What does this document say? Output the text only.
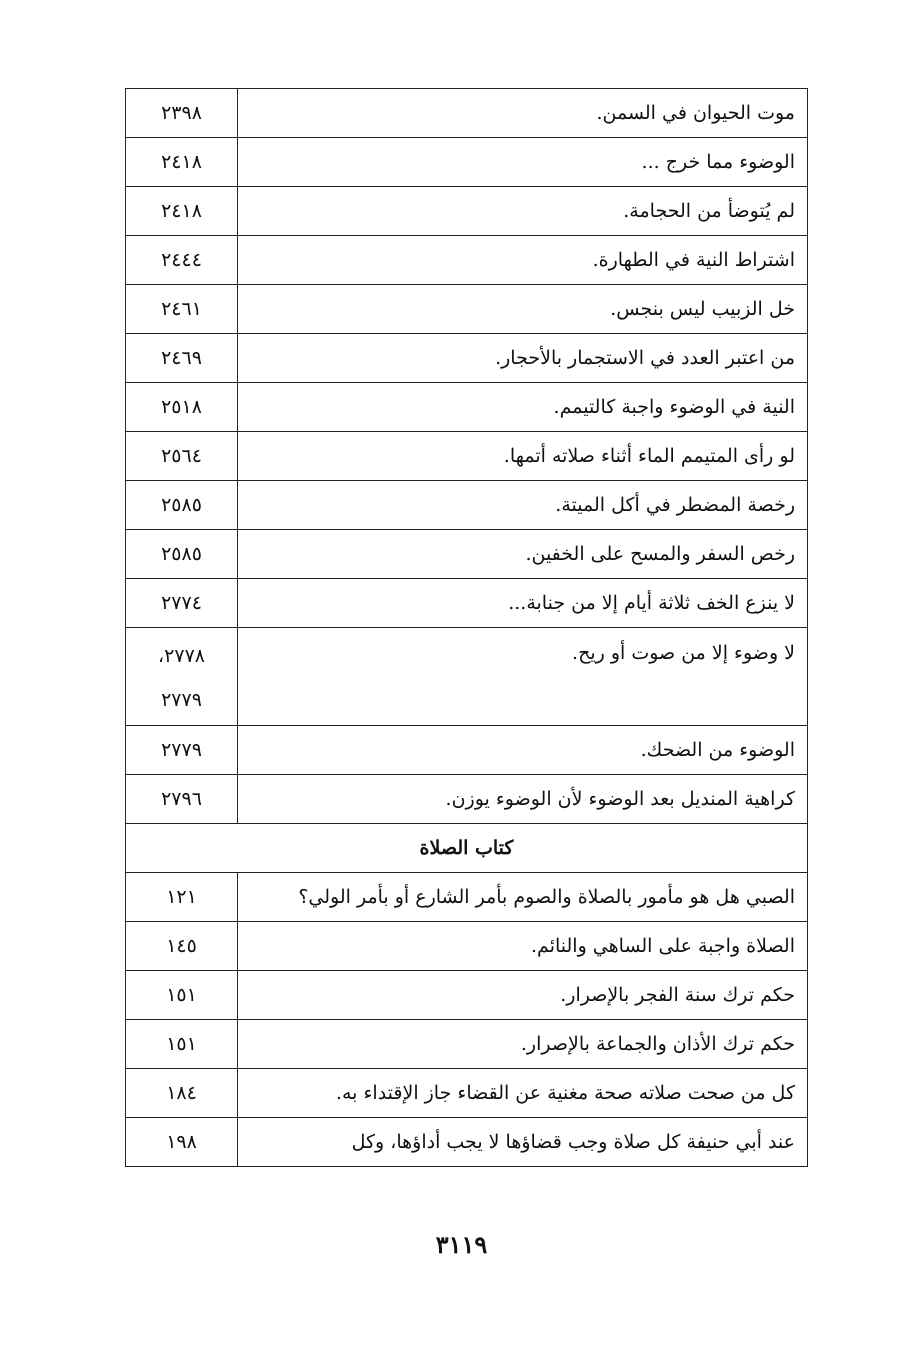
موت الحيوان في السمن.	٢٣٩٨
الوضوء مما خرج ...	٢٤١٨
لم يُتوضأ من الحجامة.	٢٤١٨
اشتراط النية في الطهارة.	٢٤٤٤
خل الزبيب ليس بنجس.	٢٤٦١
من اعتبر العدد في الاستجمار بالأحجار.	٢٤٦٩
النية في الوضوء واجبة كالتيمم.	٢٥١٨
لو رأى المتيمم الماء أثناء صلاته أتمها.	٢٥٦٤
رخصة المضطر في أكل الميتة.	٢٥٨٥
رخص السفر والمسح على الخفين.	٢٥٨٥
لا ينزع الخف ثلاثة أيام إلا من جنابة...	٢٧٧٤
لا وضوء إلا من صوت أو ريح.	٢٧٧٨،
٢٧٧٩

الوضوء من الضحك.	٢٧٧٩
كراهية المنديل بعد الوضوء لأن الوضوء يوزن.	٢٧٩٦
كتاب الصلاة	
الصبي هل هو مأمور بالصلاة والصوم بأمر الشارع أو بأمر الولي؟	١٢١
الصلاة واجبة على الساهي والنائم.	١٤٥
حكم ترك سنة الفجر بالإصرار.	١٥١
حكم ترك الأذان والجماعة بالإصرار.	١٥١
كل من صحت صلاته صحة مغنية عن القضاء جاز الإقتداء به.	١٨٤
عند أبي حنيفة كل صلاة وجب قضاؤها لا يجب أداؤها، وكل	١٩٨
٣١١٩
